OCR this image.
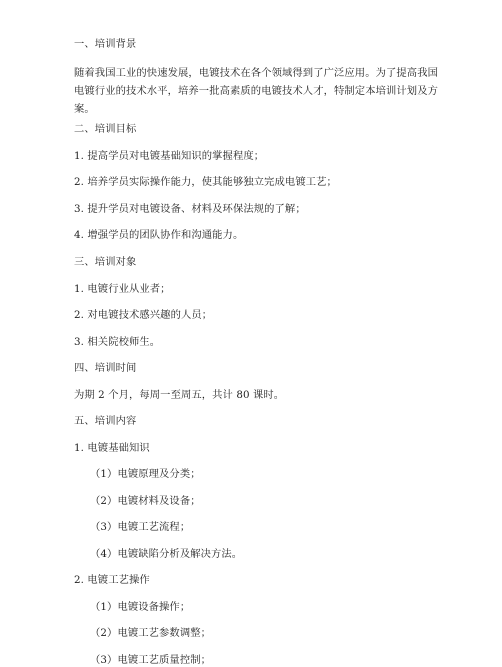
一、培训背景
随着我国工业的快速发展，电镀技术在各个领域得到了广泛应用。为了提高我国电镀行业的技术水平，培养一批高素质的电镀技术人才，特制定本培训计划及方案。
二、培训目标
1. 提高学员对电镀基础知识的掌握程度；
2. 培养学员实际操作能力，使其能够独立完成电镀工艺；
3. 提升学员对电镀设备、材料及环保法规的了解；
4. 增强学员的团队协作和沟通能力。
三、培训对象
1. 电镀行业从业者；
2. 对电镀技术感兴趣的人员；
3. 相关院校师生。
四、培训时间
为期 2 个月，每周一至周五，共计 80 课时。
五、培训内容
1. 电镀基础知识
（1）电镀原理及分类；
（2）电镀材料及设备；
（3）电镀工艺流程；
（4）电镀缺陷分析及解决方法。
2. 电镀工艺操作
（1）电镀设备操作；
（2）电镀工艺参数调整；
（3）电镀工艺质量控制；
